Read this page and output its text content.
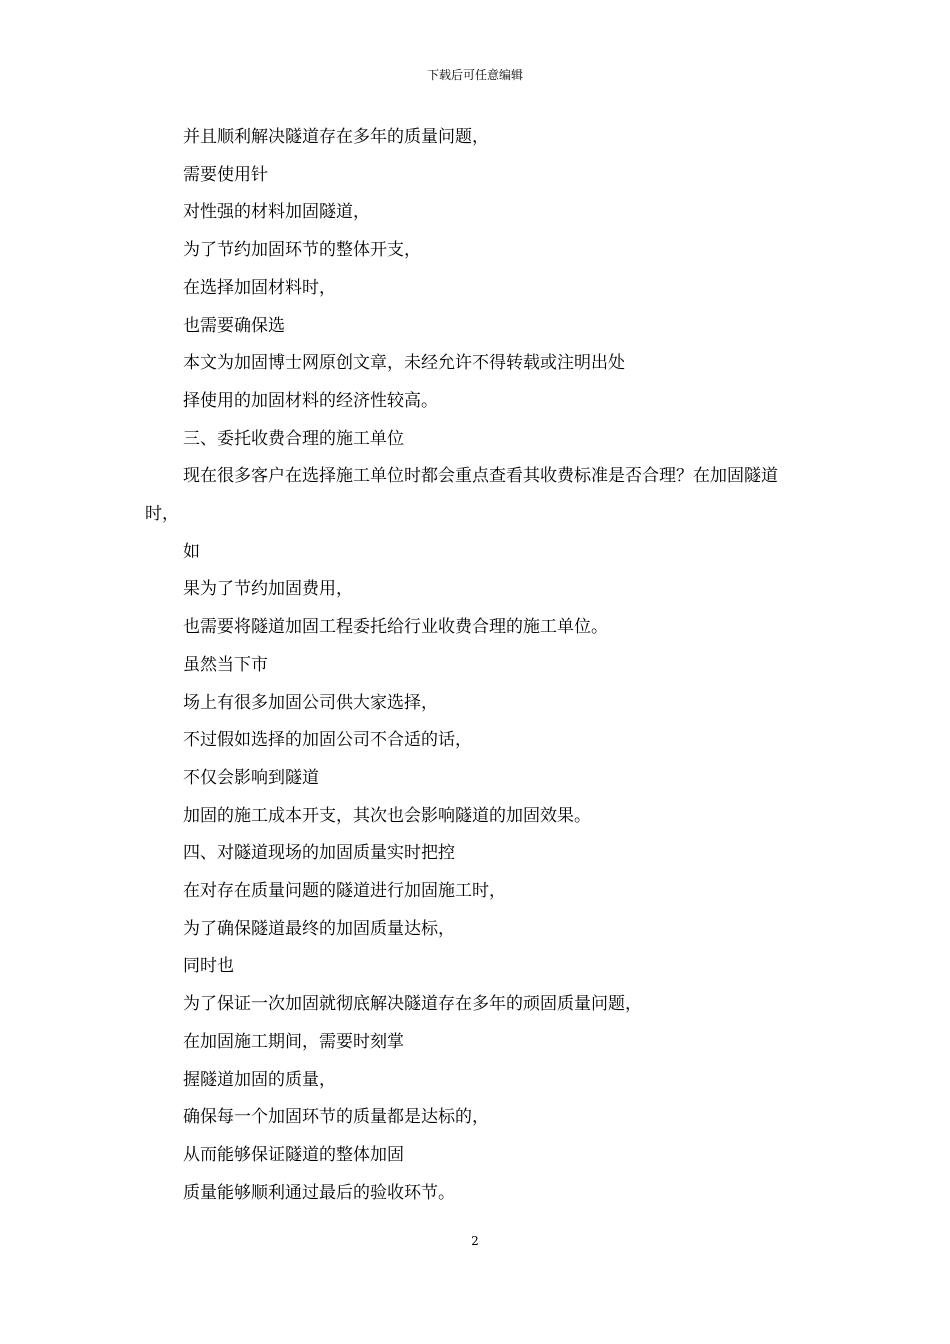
下载后可任意编辑

并且顺利解决隧道存在多年的质量问题，

需要使用针

对性强的材料加固隧道，

为了节约加固环节的整体开支，

在选择加固材料时，

也需要确保选

本文为加固博士网原创文章，未经允许不得转载或注明出处

择使用的加固材料的经济性较高。

三、委托收费合理的施工单位

现在很多客户在选择施工单位时都会重点查看其收费标准是否合理？在加固隧道时，

如

果为了节约加固费用，

也需要将隧道加固工程委托给行业收费合理的施工单位。

虽然当下市

场上有很多加固公司供大家选择，

不过假如选择的加固公司不合适的话，

不仅会影响到隧道

加固的施工成本开支，其次也会影响隧道的加固效果。

四、对隧道现场的加固质量实时把控

在对存在质量问题的隧道进行加固施工时，

为了确保隧道最终的加固质量达标，

同时也

为了保证一次加固就彻底解决隧道存在多年的顽固质量问题，

在加固施工期间，需要时刻掌

握隧道加固的质量，

确保每一个加固环节的质量都是达标的，

从而能够保证隧道的整体加固

质量能够顺利通过最后的验收环节。

2
